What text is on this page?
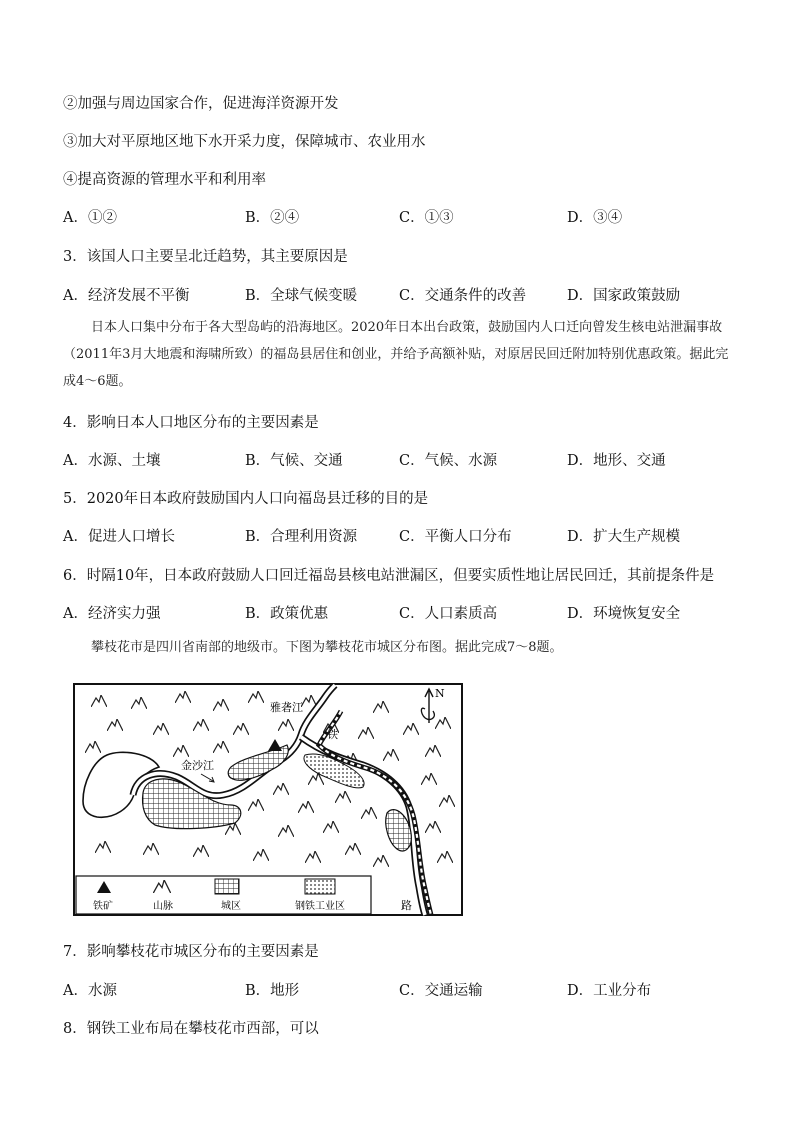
②加强与周边国家合作，促进海洋资源开发
③加大对平原地区地下水开采力度，保障城市、农业用水
④提高资源的管理水平和利用率
A．①②	B．②④	C．①③	D．③④
3．该国人口主要呈北迁趋势，其主要原因是
A．经济发展不平衡	B．全球气候变暖	C．交通条件的改善	D．国家政策鼓励

日本人口集中分布于各大型岛屿的沿海地区。2020年日本出台政策，鼓励国内人口迁向曾发生核电站泄漏事故（2011年3月大地震和海啸所致）的福岛县居住和创业，并给予高额补贴，对原居民回迁附加特别优惠政策。据此完成4～6题。

4．影响日本人口地区分布的主要因素是
A．水源、土壤	B．气候、交通	C．气候、水源	D．地形、交通
5．2020年日本政府鼓励国内人口向福岛县迁移的目的是
A．促进人口增长	B．合理利用资源	C．平衡人口分布	D．扩大生产规模
6．时隔10年，日本政府鼓励人口回迁福岛县核电站泄漏区，但要实质性地让居民回迁，其前提条件是
A．经济实力强	B．政策优惠	C．人口素质高	D．环境恢复安全

攀枝花市是四川省南部的地级市。下图为攀枝花市城区分布图。据此完成7～8题。

雅砻江
铁
金沙江
N
铁矿	山脉	城区	钢铁工业区	路
7．影响攀枝花市城区分布的主要因素是
A．水源	B．地形	C．交通运输	D．工业分布
8．钢铁工业布局在攀枝花市西部，可以
